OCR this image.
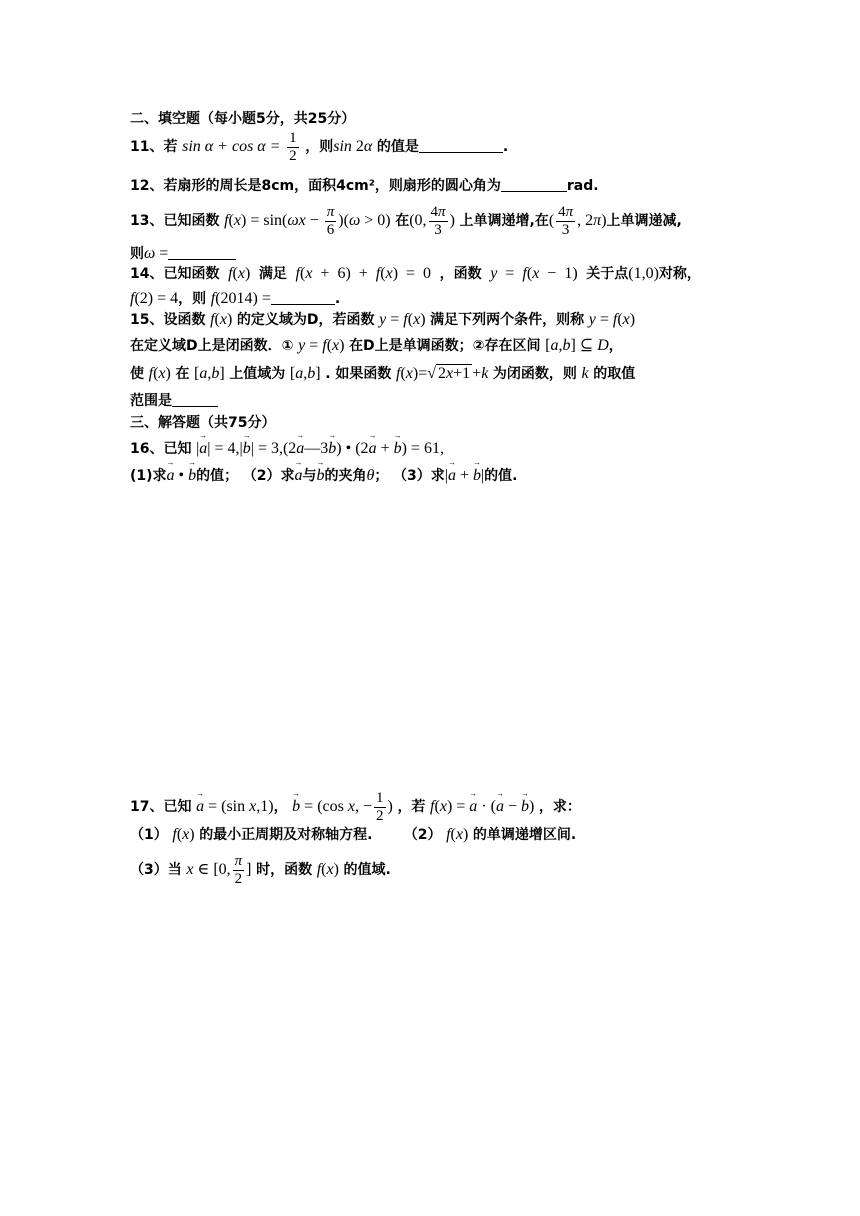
二、填空题（每小题5分，共25分）
11、若 $\sin \alpha + \cos \alpha = \frac{1}{2}$ ，则sin 2α 的值是	.
12、若扇形的周长是8cm，面积4cm²，则扇形的圆心角为	rad.
13、已知函数 $f(x) = \sin(\omega x - \frac{\pi}{6} )(\omega > 0)$ 在(0, $\frac{4\pi}{3}$ ) 上单调递增,在( $\frac{4\pi}{3}$ , 2π)上单调递减,
则ω =
14、已知函数 f(x) 满足 f(x + 6) + f(x) = 0 ，函数 y = f(x − 1) 关于点(1,0)对称，
f(2) = 4，则 f(2014) =	.
15、设函数 f(x) 的定义域为D，若函数 y = f(x) 满足下列两个条件，则称 y = f(x)
在定义域D上是闭函数．① y = f(x) 在D上是单调函数；②存在区间 [a,b] ⊆ D，
使 f(x) 在 [a,b] 上值域为 [a,b] . 如果函数 f(x)=√ 2x+1 +k 为闭函数，则 k 的取值
范围是
三、解答题（共75分）
16、已知 |→ a| = 4,|→ b| = 3,(2→ a—3→ b) • (2→ a + → b) = 61,
(1)求→ a • → b的值； （2）求→ a与→ b的夹角θ； （3）求|→ a + → b|的值.
17、已知 → a = (sin x,1)， → b = (cos x, − $\frac{1}{2}$ ) ，若 f(x) = → a · (→ a − → b) ，求：
（1） f(x) 的最小正周期及对称轴方程. （2） f(x) 的单调递增区间.
（3）当 x ∈ [0, $\frac{\pi}{2}$ ] 时，函数 f(x) 的值域.
